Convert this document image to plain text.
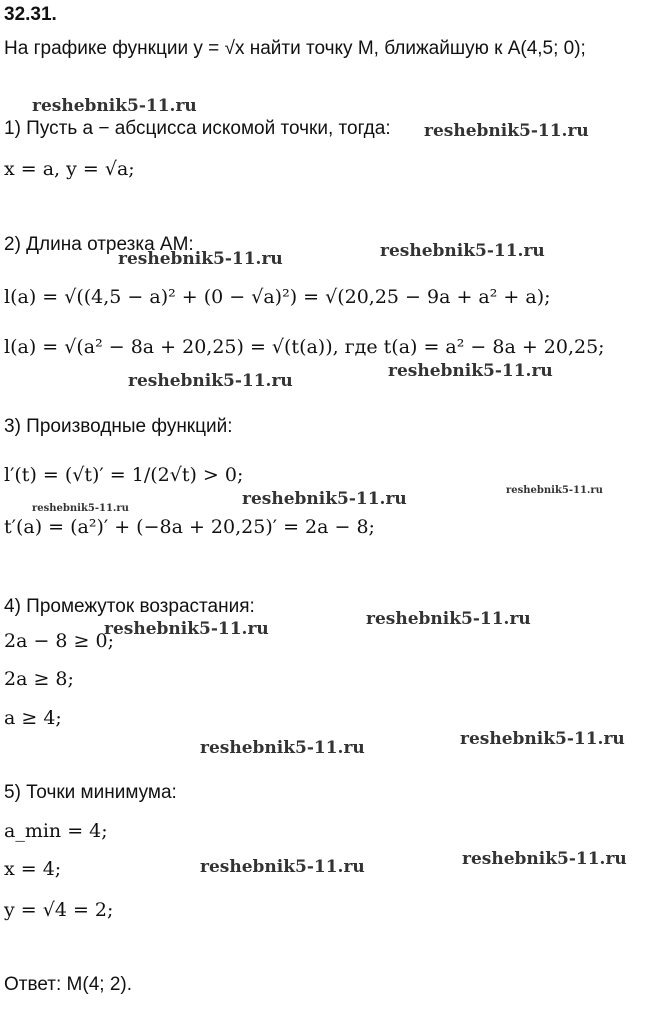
32.31.
На графике функции y = √x найти точку M, ближайшую к A(4,5; 0);
1) Пусть a − абсцисса искомой точки, тогда:
x = a, y = √a;
2) Длина отрезка AM:
l(a) = √((4,5 − a)² + (0 − √a)²) = √(20,25 − 9a + a² + a);
l(a) = √(a² − 8a + 20,25) = √(t(a)), где t(a) = a² − 8a + 20,25;
3) Производные функций:
l′(t) = (√t)′ = 1/(2√t) > 0;
t′(a) = (a²)′ + (−8a + 20,25)′ = 2a − 8;
4) Промежуток возрастания:
2a − 8 ≥ 0;
2a ≥ 8;
a ≥ 4;
5) Точки минимума:
a_min = 4;
x = 4;
y = √4 = 2;
Ответ: M(4; 2).
reshebnik5-11.ru
reshebnik5-11.ru
reshebnik5-11.ru
reshebnik5-11.ru
reshebnik5-11.ru	reshebnik5-11.ru
reshebnik5-11.ru	reshebnik5-11.ru	reshebnik5-11.ru
reshebnik5-11.ru	reshebnik5-11.ru
reshebnik5-11.ru	reshebnik5-11.ru
reshebnik5-11.ru	reshebnik5-11.ru
